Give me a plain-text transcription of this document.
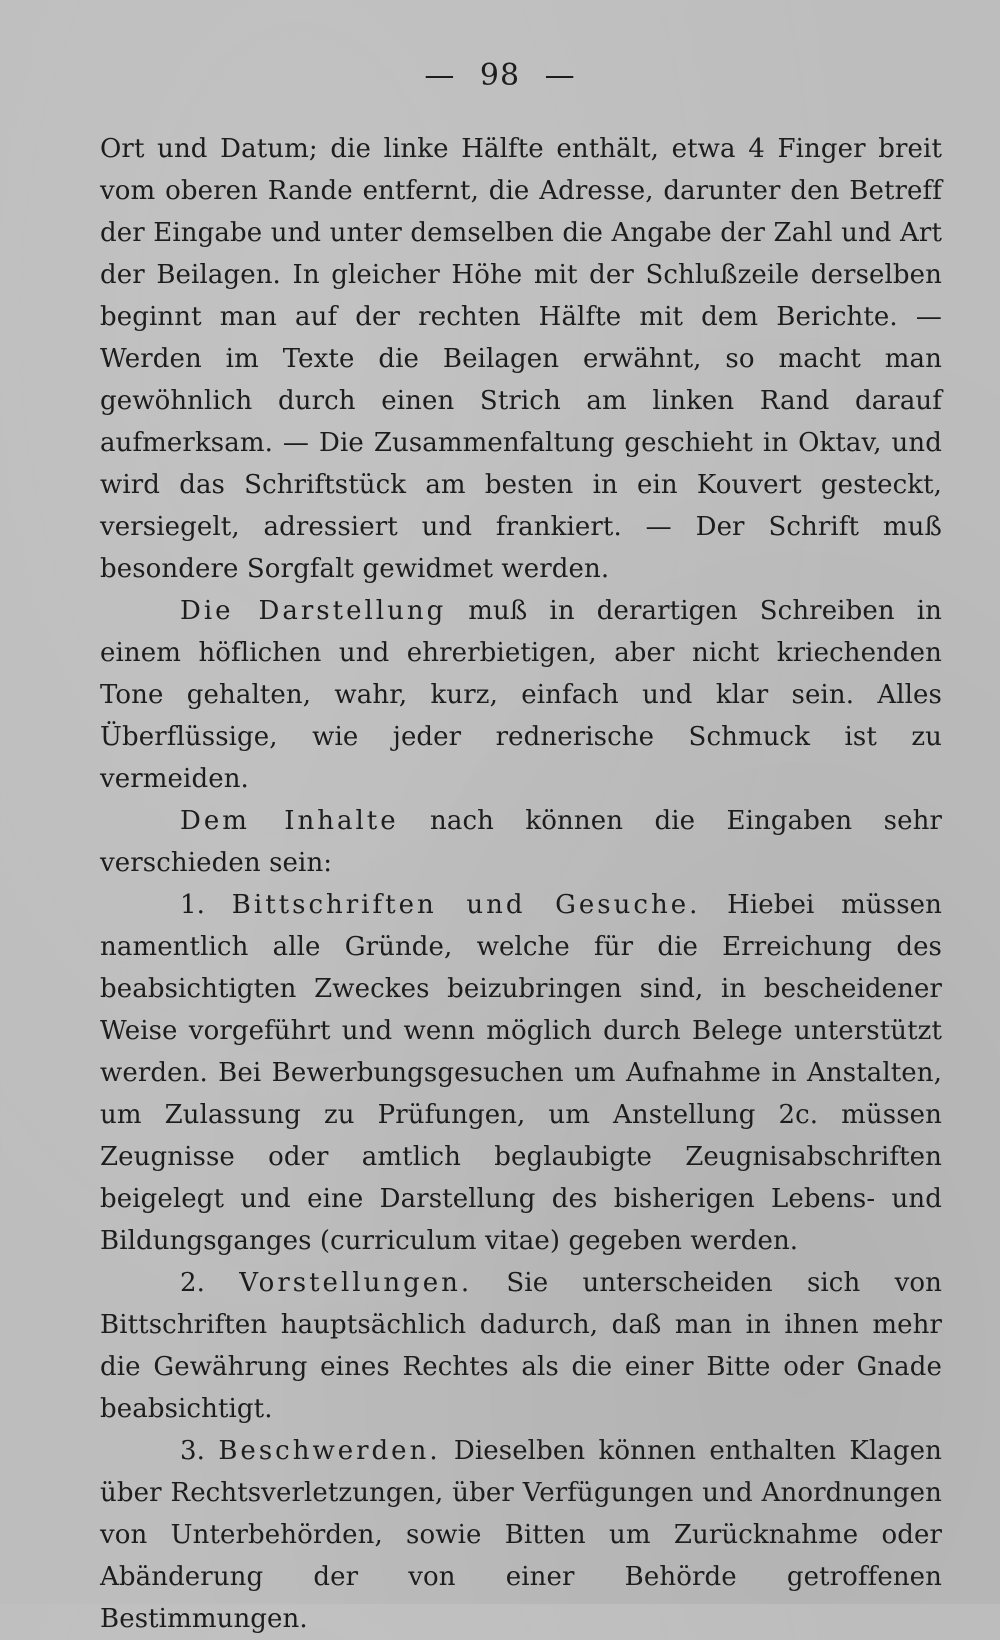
— 98 —

Ort und Datum; die linke Hälfte enthält, etwa 4 Finger breit vom oberen Rande entfernt, die Adresse, darunter den Betreff der Eingabe und unter demselben die Angabe der Zahl und Art der Beilagen. In gleicher Höhe mit der Schlußzeile derselben beginnt man auf der rechten Hälfte mit dem Berichte. — Werden im Texte die Beilagen erwähnt, so macht man gewöhnlich durch einen Strich am linken Rand darauf aufmerksam. — Die Zusammenfaltung geschieht in Oktav, und wird das Schriftstück am besten in ein Kouvert gesteckt, versiegelt, adressiert und frankiert. — Der Schrift muß besondere Sorgfalt gewidmet werden.

Die Darstellung muß in derartigen Schreiben in einem höflichen und ehrerbietigen, aber nicht kriechenden Tone gehalten, wahr, kurz, einfach und klar sein. Alles Überflüssige, wie jeder rednerische Schmuck ist zu vermeiden.

Dem Inhalte nach können die Eingaben sehr verschieden sein:

1. Bittschriften und Gesuche. Hiebei müssen namentlich alle Gründe, welche für die Erreichung des beabsichtigten Zweckes beizubringen sind, in bescheidener Weise vorgeführt und wenn möglich durch Belege unterstützt werden. Bei Bewerbungsgesuchen um Aufnahme in Anstalten, um Zulassung zu Prüfungen, um Anstellung 2c. müssen Zeugnisse oder amtlich beglaubigte Zeugnisabschriften beigelegt und eine Darstellung des bisherigen Lebens- und Bildungsganges (curriculum vitae) gegeben werden.

2. Vorstellungen. Sie unterscheiden sich von Bittschriften hauptsächlich dadurch, daß man in ihnen mehr die Gewährung eines Rechtes als die einer Bitte oder Gnade beabsichtigt.

3. Beschwerden. Dieselben können enthalten Klagen über Rechtsverletzungen, über Verfügungen und Anordnungen von Unterbehörden, sowie Bitten um Zurücknahme oder Abänderung der von einer Behörde getroffenen Bestimmungen.
